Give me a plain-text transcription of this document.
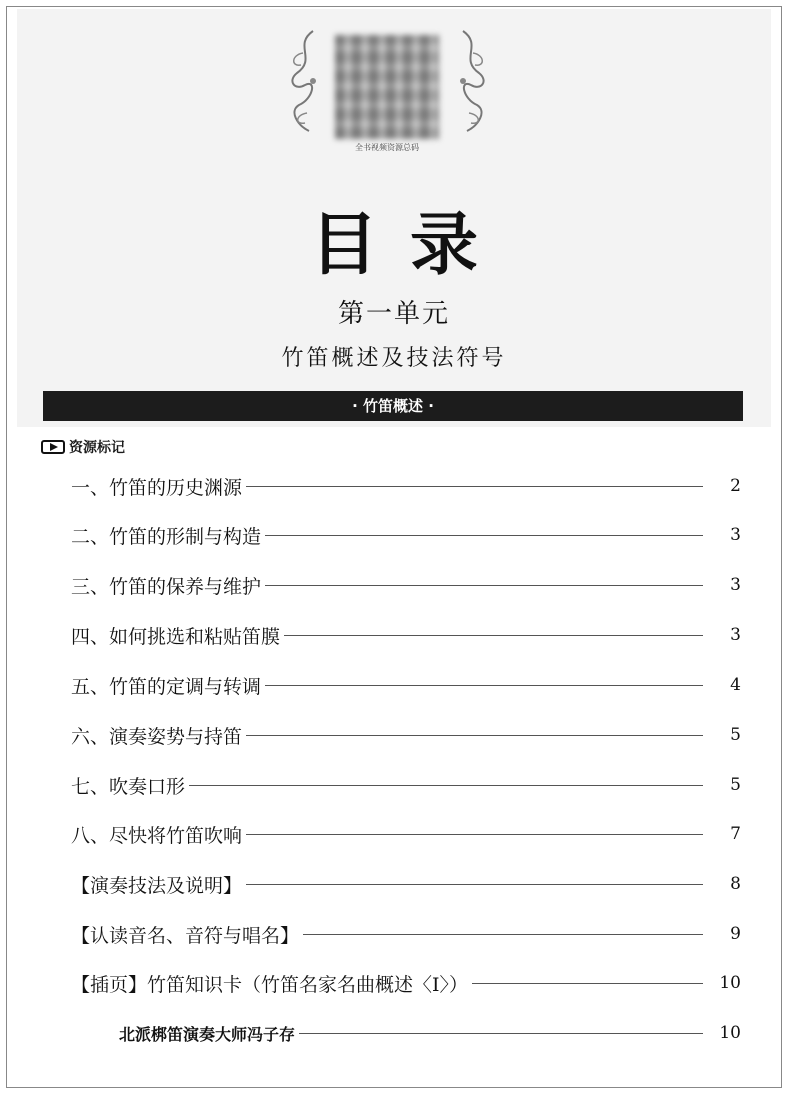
全书视频资源总码
目录
第一单元
竹笛概述及技法符号
· 竹笛概述 ·
资源标记
一、竹笛的历史渊源	2
二、竹笛的形制与构造	3
三、竹笛的保养与维护	3
四、如何挑选和粘贴笛膜	3
五、竹笛的定调与转调	4
六、演奏姿势与持笛	5
七、吹奏口形	5
八、尽快将竹笛吹响	7
【演奏技法及说明】	8
【认读音名、音符与唱名】	9
【插页】竹笛知识卡（竹笛名家名曲概述〈Ⅰ〉）	10
北派梆笛演奏大师冯子存	10
